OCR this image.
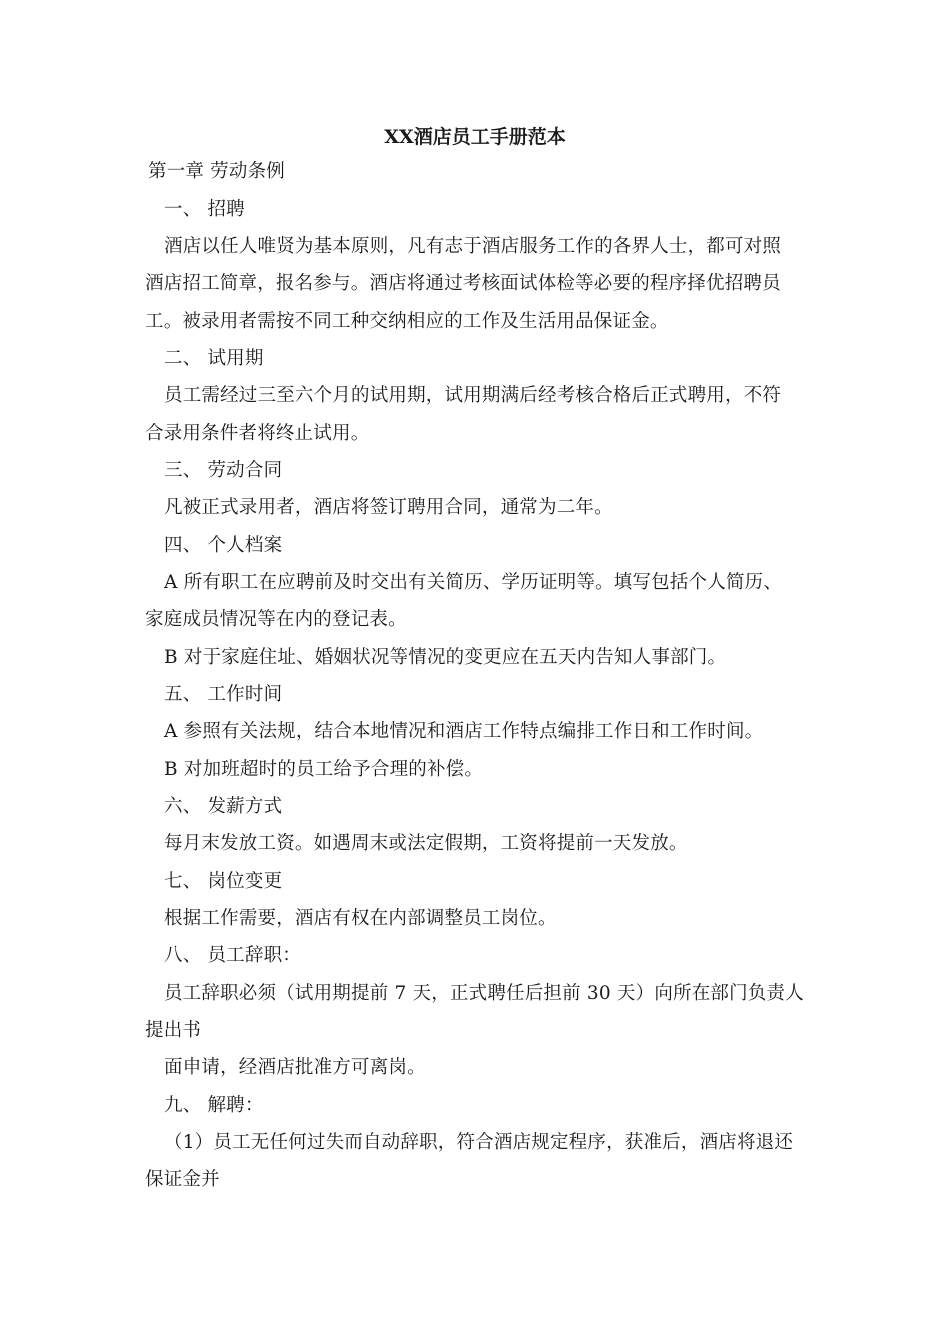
XX酒店员工手册范本
第一章 劳动条例
一、 招聘
酒店以任人唯贤为基本原则，凡有志于酒店服务工作的各界人士，都可对照
酒店招工简章，报名参与。酒店将通过考核面试体检等必要的程序择优招聘员
工。被录用者需按不同工种交纳相应的工作及生活用品保证金。
二、 试用期
员工需经过三至六个月的试用期，试用期满后经考核合格后正式聘用，不符
合录用条件者将终止试用。
三、 劳动合同
凡被正式录用者，酒店将签订聘用合同，通常为二年。
四、 个人档案
A 所有职工在应聘前及时交出有关简历、学历证明等。填写包括个人简历、
家庭成员情况等在内的登记表。
B 对于家庭住址、婚姻状况等情况的变更应在五天内告知人事部门。
五、 工作时间
A 参照有关法规，结合本地情况和酒店工作特点编排工作日和工作时间。
B 对加班超时的员工给予合理的补偿。
六、 发薪方式
每月末发放工资。如遇周末或法定假期，工资将提前一天发放。
七、 岗位变更
根据工作需要，酒店有权在内部调整员工岗位。
八、 员工辞职：
员工辞职必须（试用期提前 7 天，正式聘任后担前 30 天）向所在部门负责人
提出书
面申请，经酒店批准方可离岗。
九、 解聘：
（1）员工无任何过失而自动辞职，符合酒店规定程序，获准后，酒店将退还
保证金并
